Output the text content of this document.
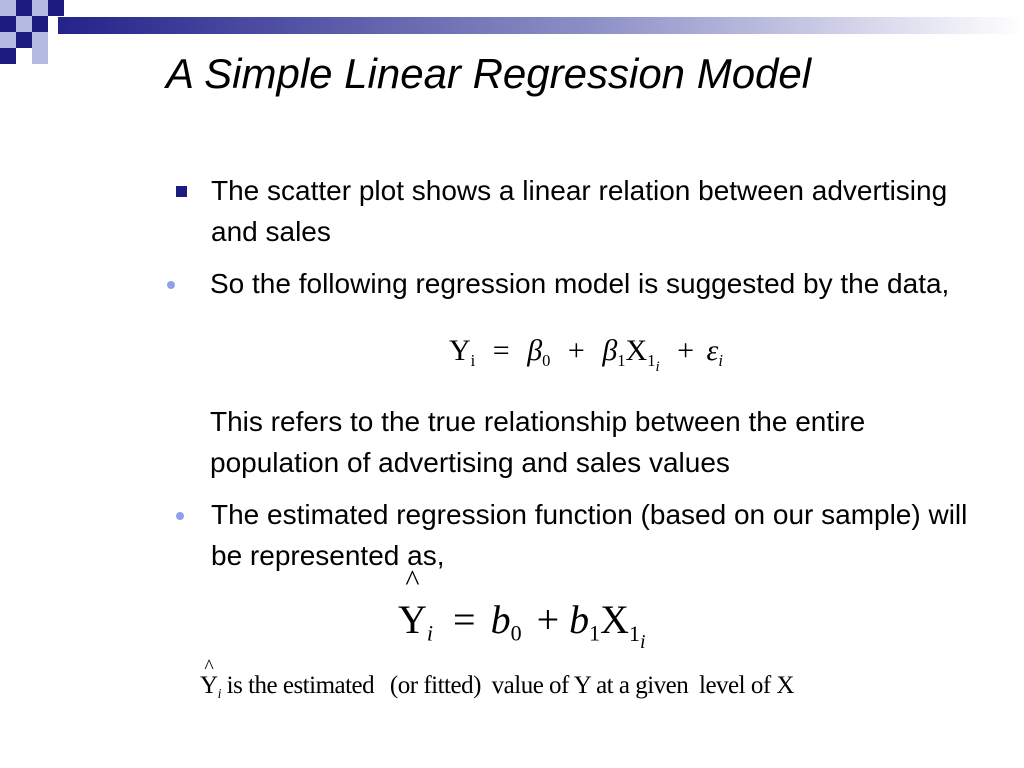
A Simple Linear Regression Model
The scatter plot shows a linear relation between advertising and sales
So the following regression model is suggested by the data,
$Y_i = \beta_0 + \beta_1X_{1_i} + \varepsilon_i$
This refers to the true relationship between the entire population of advertising and sales values
The estimated regression function (based on our sample) will be represented as,
^
$Y_i = b_0 + b_1X_{1_i}$
^
$Y_i$ is the estimated (or fitted) value of Y at a given level of X
